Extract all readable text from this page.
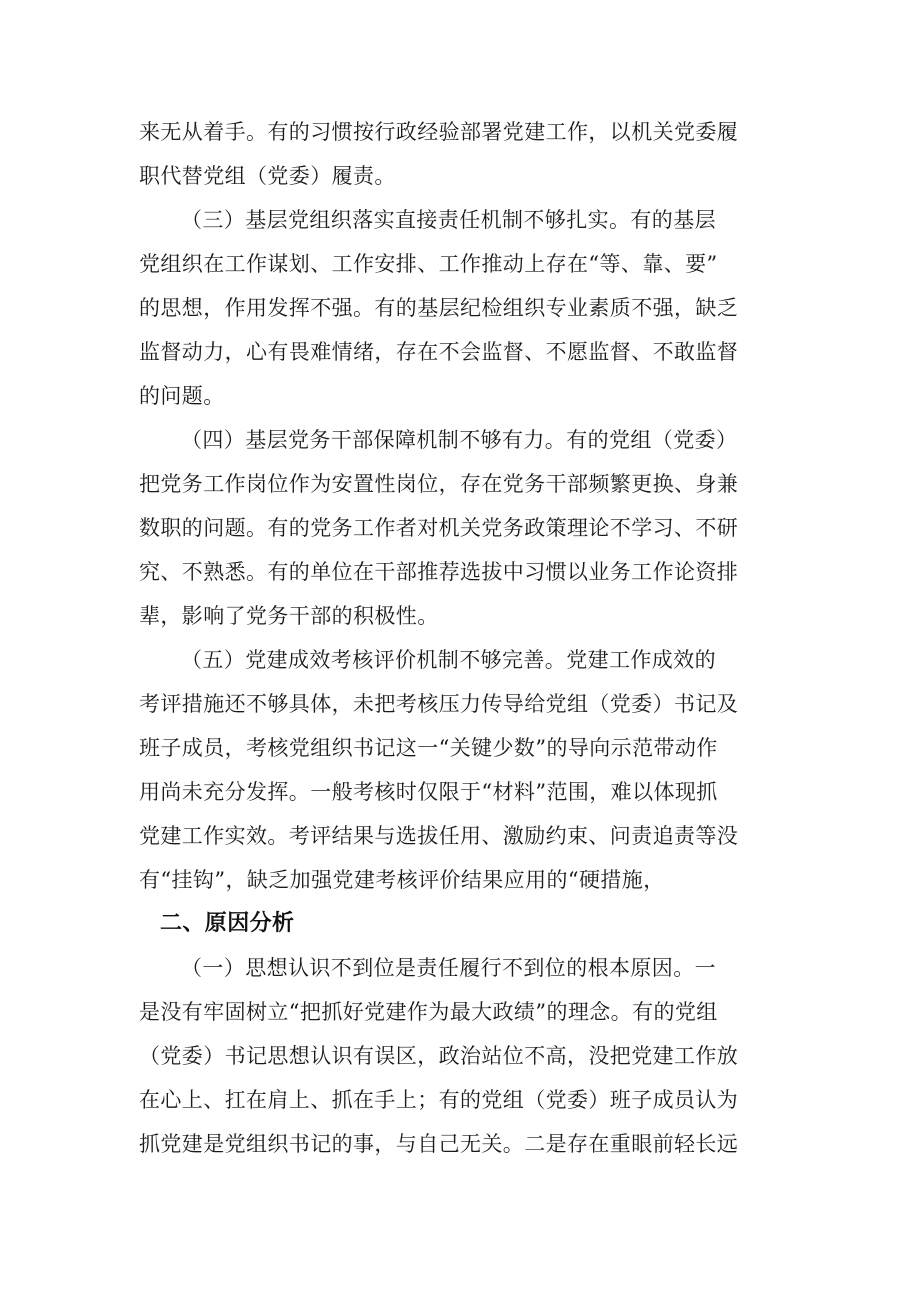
来无从着手。有的习惯按行政经验部署党建工作，以机关党委履
职代替党组（党委）履责。
（三）基层党组织落实直接责任机制不够扎实。有的基层
党组织在工作谋划、工作安排、工作推动上存在“等、靠、要”
的思想，作用发挥不强。有的基层纪检组织专业素质不强，缺乏
监督动力，心有畏难情绪，存在不会监督、不愿监督、不敢监督
的问题。
（四）基层党务干部保障机制不够有力。有的党组（党委）
把党务工作岗位作为安置性岗位，存在党务干部频繁更换、身兼
数职的问题。有的党务工作者对机关党务政策理论不学习、不研
究、不熟悉。有的单位在干部推荐选拔中习惯以业务工作论资排
辈，影响了党务干部的积极性。
（五）党建成效考核评价机制不够完善。党建工作成效的
考评措施还不够具体，未把考核压力传导给党组（党委）书记及
班子成员，考核党组织书记这一“关键少数”的导向示范带动作
用尚未充分发挥。一般考核时仅限于“材料”范围，难以体现抓
党建工作实效。考评结果与选拔任用、激励约束、问责追责等没
有“挂钩”，缺乏加强党建考核评价结果应用的“硬措施，
二、原因分析
（一）思想认识不到位是责任履行不到位的根本原因。一
是没有牢固树立“把抓好党建作为最大政绩”的理念。有的党组
（党委）书记思想认识有误区，政治站位不高，没把党建工作放
在心上、扛在肩上、抓在手上；有的党组（党委）班子成员认为
抓党建是党组织书记的事，与自己无关。二是存在重眼前轻长远
